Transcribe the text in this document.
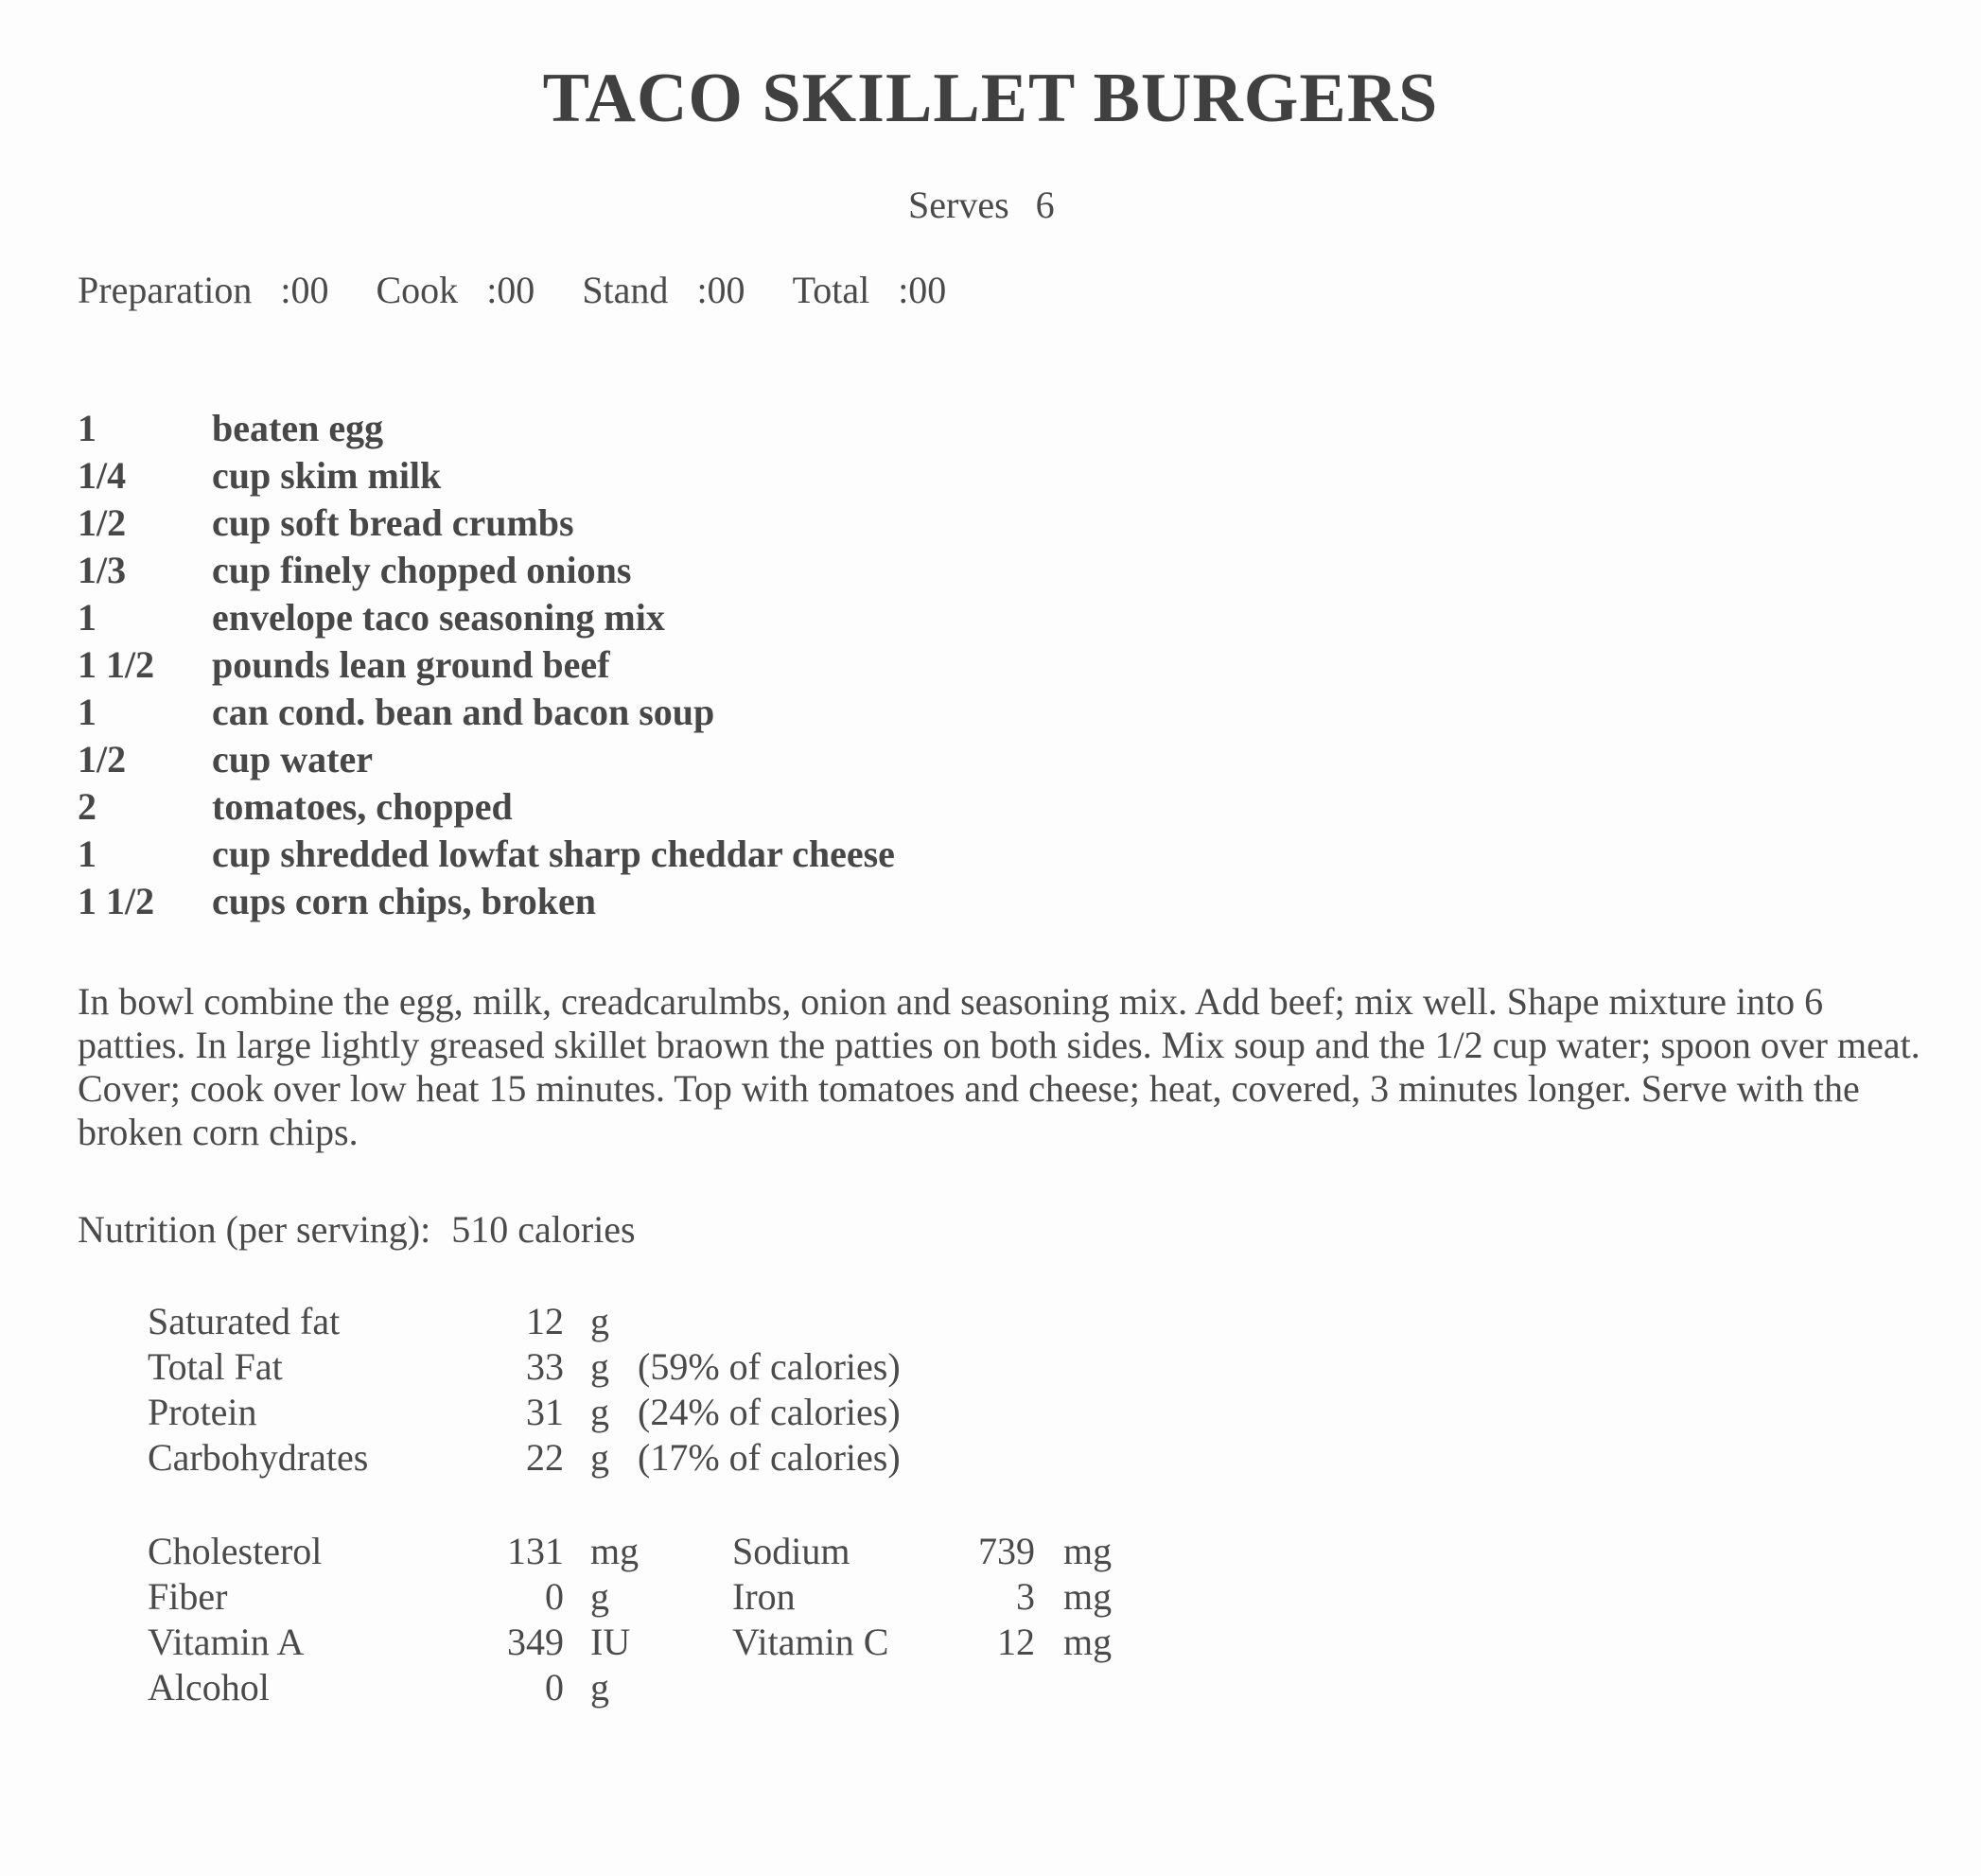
TACO SKILLET BURGERS
Serves 6
Preparation :00 Cook :00 Stand :00 Total :00
1	beaten egg
1/4 cup skim milk
1/2 cup soft bread crumbs
1/3 cup finely chopped onions
1	envelope taco seasoning mix
1 1/2 pounds lean ground beef
1	can cond. bean and bacon soup
1/2 cup water
2	tomatoes, chopped
1	cup shredded lowfat sharp cheddar cheese
1 1/2 cups corn chips, broken
In bowl combine the egg, milk, creadcarulmbs, onion and seasoning mix. Add beef; mix well. Shape mixture into 6 patties. In large lightly greased skillet braown the patties on both sides. Mix soup and the 1/2 cup water; spoon over meat. Cover; cook over low heat 15 minutes. Top with tomatoes and cheese; heat, covered, 3 minutes longer. Serve with the broken corn chips.
Nutrition (per serving): 510 calories
Saturated fat	12 g
Total Fat	33 g (59% of calories)
Protein	31 g (24% of calories)
Carbohydrates	22 g (17% of calories)
Cholesterol	131 mg Sodium	739 mg
Fiber	0 g	Iron	3 mg
Vitamin A	349 IU	Vitamin C	12 mg
Alcohol	0 g
